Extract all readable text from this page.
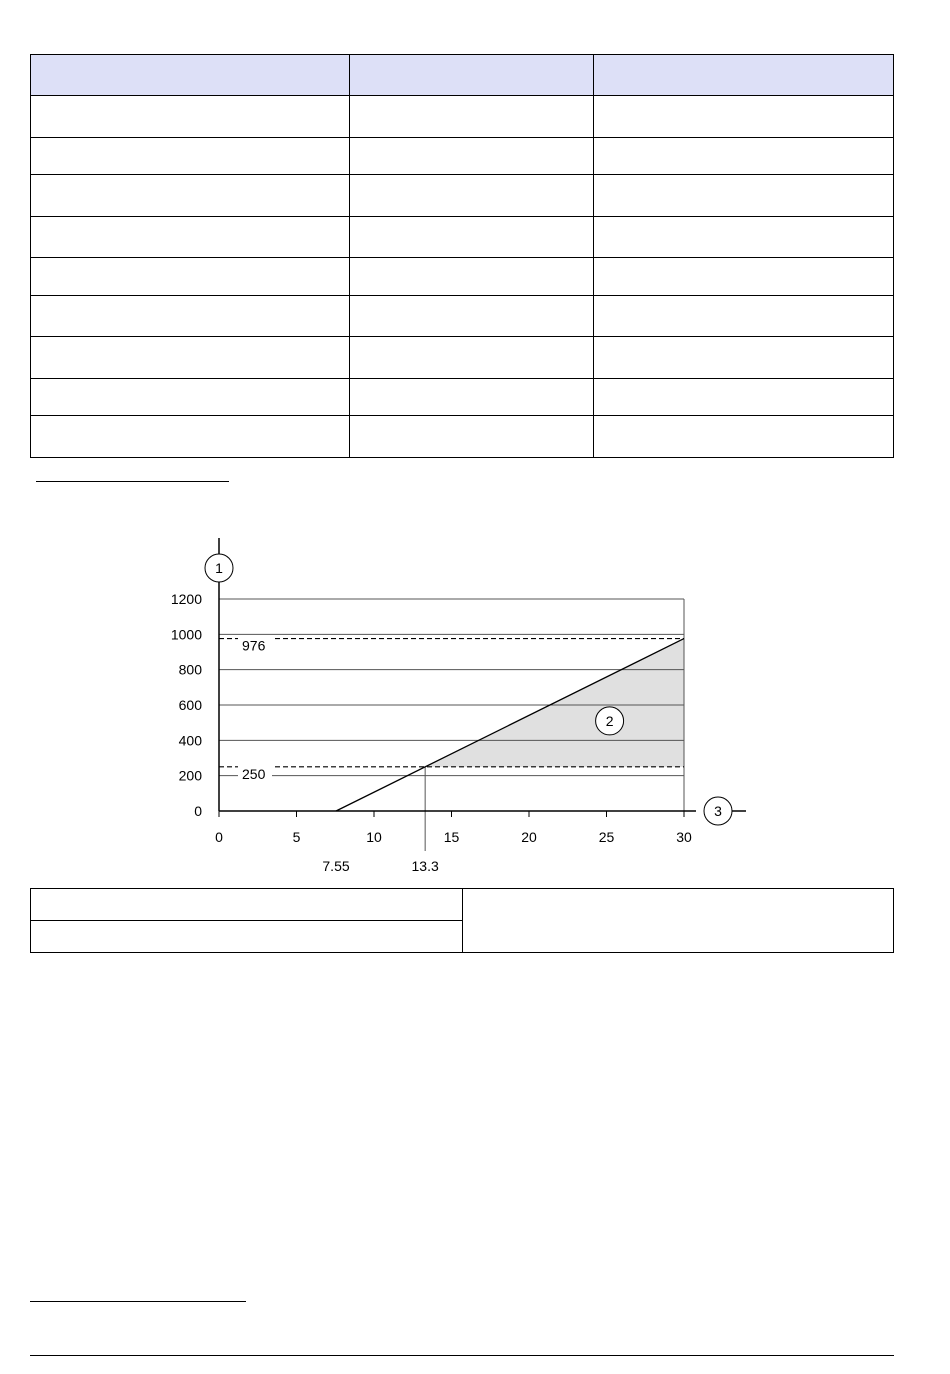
976
250
0
200
400
600
800
1000
1200
0	5	10	15	20	25	30
7.55	13.3
1
2
3
